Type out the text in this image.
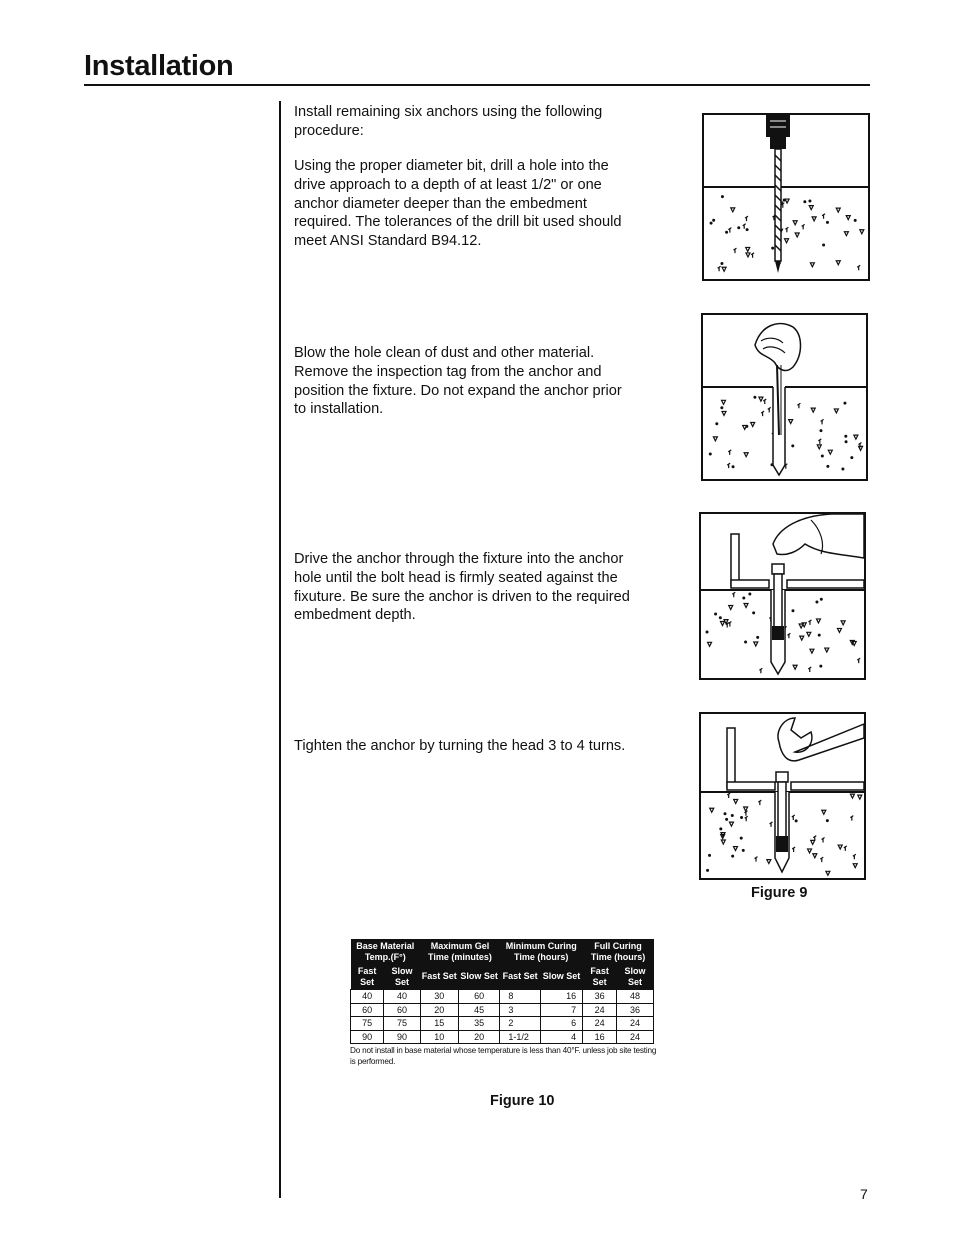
Installation

Install remaining six anchors using the following procedure:

Using the proper diameter bit, drill a hole into the drive approach to a depth of at least 1/2" or one anchor diameter deeper than the embedment required. The tolerances of the drill bit used should meet ANSI Standard B94.12.

Blow the hole clean of dust and other material. Remove the inspection tag from the anchor and position the fixture. Do not expand the anchor prior to installation.

Drive the anchor through the fixture into the anchor hole until the bolt head is firmly seated against the fixuture. Be sure the anchor is driven to the required embedment depth.

Tighten the anchor by turning the head 3 to 4 turns.

Figure 9
Base Material Temp.(F°)		Maximum Gel Time (minutes)		Minimum Curing Time (hours)		Full Curing Time (hours)	
Fast Set	Slow Set	Fast Set	Slow Set	Fast Set	Slow Set	Fast Set	Slow Set
40	40	30	60	8	16	36	48
60	60	20	45	3	7	24	36
75	75	15	35	2	6	24	24
90	90	10	20	1-1/2	4	16	24
Do not install in base material whose temperature is less than 40°F. unless job site testing is performed.
Figure 10
7
